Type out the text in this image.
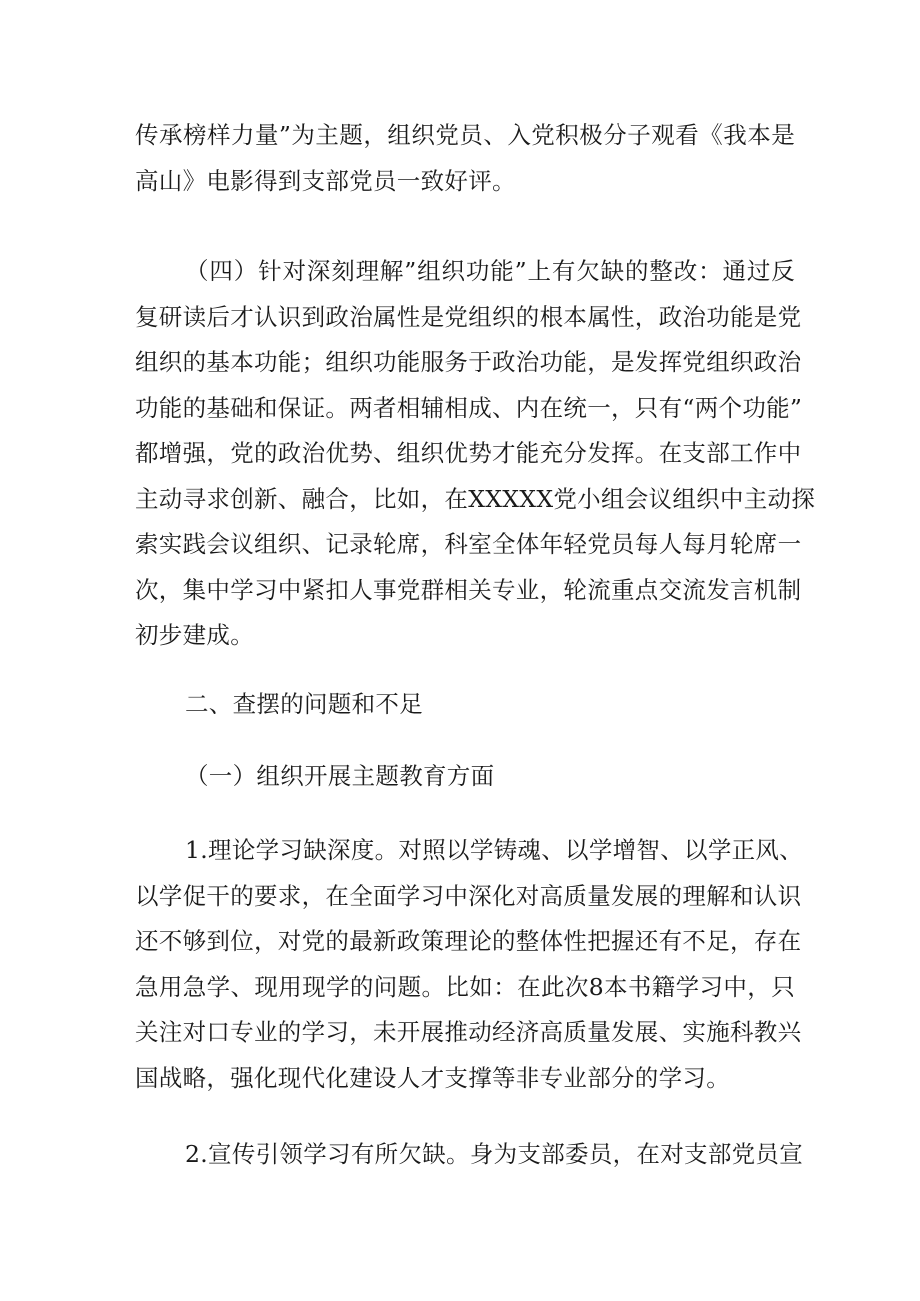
传承榜样力量”为主题，组织党员、入党积极分子观看《我本是
高山》电影得到支部党员一致好评。
（四）针对深刻理解”组织功能”上有欠缺的整改：通过反
复研读后才认识到政治属性是党组织的根本属性，政治功能是党
组织的基本功能；组织功能服务于政治功能，是发挥党组织政治
功能的基础和保证。两者相辅相成、内在统一，只有“两个功能”
都增强，党的政治优势、组织优势才能充分发挥。在支部工作中
主动寻求创新、融合，比如，在XXXXX党小组会议组织中主动探
索实践会议组织、记录轮席，科室全体年轻党员每人每月轮席一
次，集中学习中紧扣人事党群相关专业，轮流重点交流发言机制
初步建成。
二、查摆的问题和不足
（一）组织开展主题教育方面
1.理论学习缺深度。对照以学铸魂、以学增智、以学正风、
以学促干的要求，在全面学习中深化对高质量发展的理解和认识
还不够到位，对党的最新政策理论的整体性把握还有不足，存在
急用急学、现用现学的问题。比如：在此次8本书籍学习中，只
关注对口专业的学习，未开展推动经济高质量发展、实施科教兴
国战略，强化现代化建设人才支撑等非专业部分的学习。
2.宣传引领学习有所欠缺。身为支部委员，在对支部党员宣
